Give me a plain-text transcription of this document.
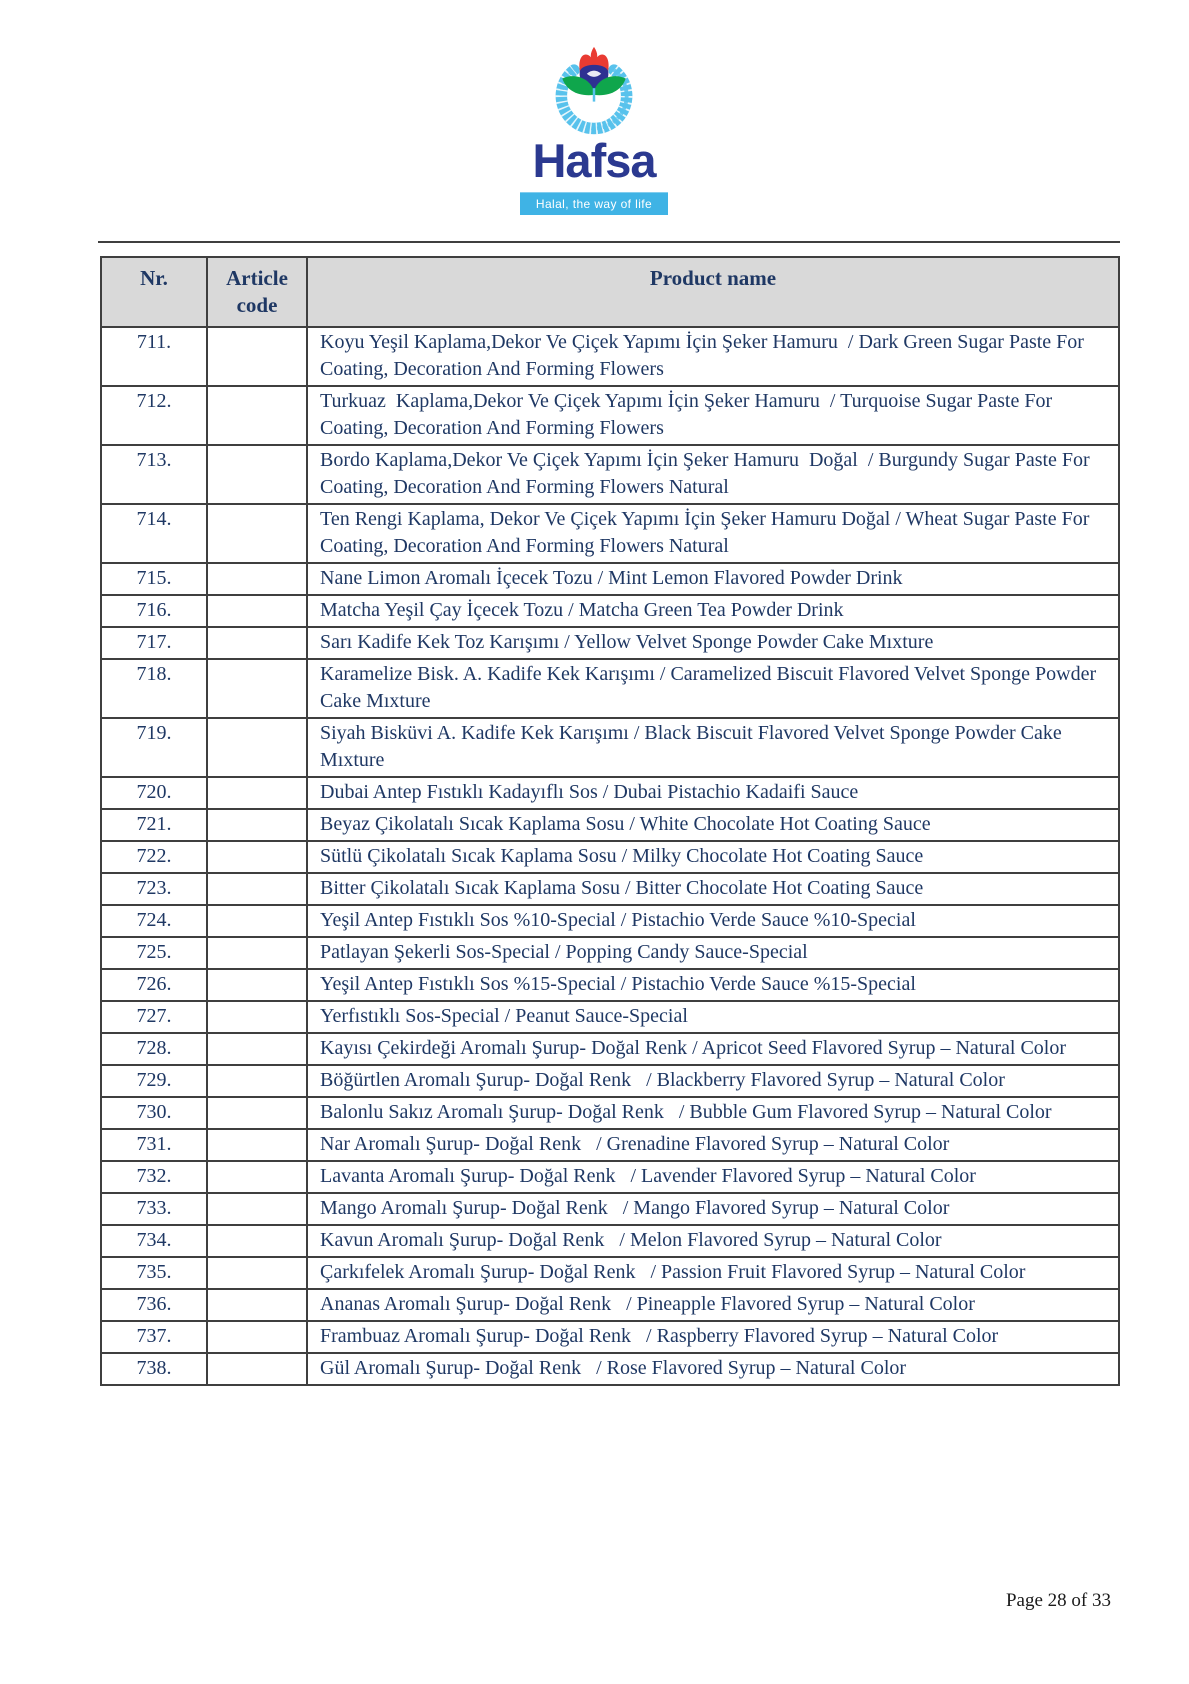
Hafsa
Halal, the way of life
Nr.	Article code	Product name
711.		Koyu Yeşil Kaplama,Dekor Ve Çiçek Yapımı İçin Şeker Hamuru  / Dark Green Sugar Paste For Coating, Decoration And Forming Flowers
712.		Turkuaz  Kaplama,Dekor Ve Çiçek Yapımı İçin Şeker Hamuru  / Turquoise Sugar Paste For Coating, Decoration And Forming Flowers
713.		Bordo Kaplama,Dekor Ve Çiçek Yapımı İçin Şeker Hamuru  Doğal  / Burgundy Sugar Paste For Coating, Decoration And Forming Flowers Natural
714.		Ten Rengi Kaplama, Dekor Ve Çiçek Yapımı İçin Şeker Hamuru Doğal / Wheat Sugar Paste For Coating, Decoration And Forming Flowers Natural
715.		Nane Limon Aromalı İçecek Tozu / Mint Lemon Flavored Powder Drink
716.		Matcha Yeşil Çay İçecek Tozu / Matcha Green Tea Powder Drink
717.		Sarı Kadife Kek Toz Karışımı / Yellow Velvet Sponge Powder Cake Mıxture
718.		Karamelize Bisk. A. Kadife Kek Karışımı / Caramelized Biscuit Flavored Velvet Sponge Powder Cake Mıxture
719.		Siyah Bisküvi A. Kadife Kek Karışımı / Black Biscuit Flavored Velvet Sponge Powder Cake Mıxture
720.		Dubai Antep Fıstıklı Kadayıflı Sos / Dubai Pistachio Kadaifi Sauce
721.		Beyaz Çikolatalı Sıcak Kaplama Sosu / White Chocolate Hot Coating Sauce
722.		Sütlü Çikolatalı Sıcak Kaplama Sosu / Milky Chocolate Hot Coating Sauce
723.		Bitter Çikolatalı Sıcak Kaplama Sosu / Bitter Chocolate Hot Coating Sauce
724.		Yeşil Antep Fıstıklı Sos %10-Special / Pistachio Verde Sauce %10-Special
725.		Patlayan Şekerli Sos-Special / Popping Candy Sauce-Special
726.		Yeşil Antep Fıstıklı Sos %15-Special / Pistachio Verde Sauce %15-Special
727.		Yerfıstıklı Sos-Special / Peanut Sauce-Special
728.		Kayısı Çekirdeği Aromalı Şurup- Doğal Renk / Apricot Seed Flavored Syrup – Natural Color
729.		Böğürtlen Aromalı Şurup- Doğal Renk   / Blackberry Flavored Syrup – Natural Color
730.		Balonlu Sakız Aromalı Şurup- Doğal Renk   / Bubble Gum Flavored Syrup – Natural Color
731.		Nar Aromalı Şurup- Doğal Renk   / Grenadine Flavored Syrup – Natural Color
732.		Lavanta Aromalı Şurup- Doğal Renk   / Lavender Flavored Syrup – Natural Color
733.		Mango Aromalı Şurup- Doğal Renk   / Mango Flavored Syrup – Natural Color
734.		Kavun Aromalı Şurup- Doğal Renk   / Melon Flavored Syrup – Natural Color
735.		Çarkıfelek Aromalı Şurup- Doğal Renk   / Passion Fruit Flavored Syrup – Natural Color
736.		Ananas Aromalı Şurup- Doğal Renk   / Pineapple Flavored Syrup – Natural Color
737.		Frambuaz Aromalı Şurup- Doğal Renk   / Raspberry Flavored Syrup – Natural Color
738.		Gül Aromalı Şurup- Doğal Renk   / Rose Flavored Syrup – Natural Color
Page 28 of 33
